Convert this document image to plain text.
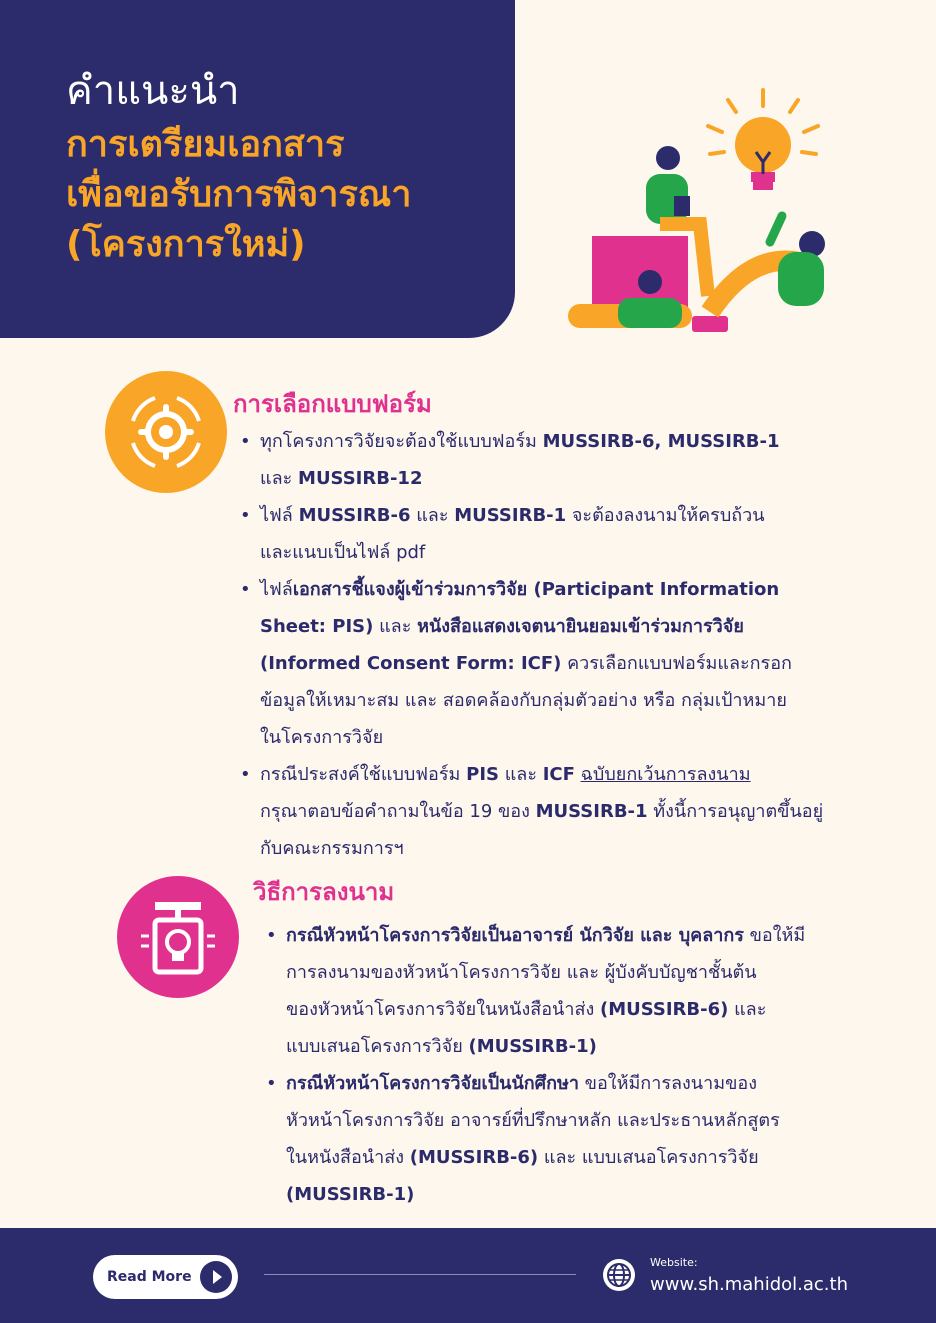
คำแนะนำ
การเตรียมเอกสาร
เพื่อขอรับการพิจารณา
(โครงการใหม่)
การเลือกแบบฟอร์ม
• ทุกโครงการวิจัยจะต้องใช้แบบฟอร์ม MUSSIRB-6, MUSSIRB-1
และ MUSSIRB-12
• ไฟล์ MUSSIRB-6 และ MUSSIRB-1 จะต้องลงนามให้ครบถ้วน
และแนบเป็นไฟล์ pdf
• ไฟล์เอกสารชี้แจงผู้เข้าร่วมการวิจัย (Participant Information
Sheet: PIS) และ หนังสือแสดงเจตนายินยอมเข้าร่วมการวิจัย
(Informed Consent Form: ICF) ควรเลือกแบบฟอร์มและกรอก
ข้อมูลให้เหมาะสม และ สอดคล้องกับกลุ่มตัวอย่าง หรือ กลุ่มเป้าหมาย
ในโครงการวิจัย
• กรณีประสงค์ใช้แบบฟอร์ม PIS และ ICF ฉบับยกเว้นการลงนาม
กรุณาตอบข้อคำถามในข้อ 19 ของ MUSSIRB-1 ทั้งนี้การอนุญาตขึ้นอยู่
กับคณะกรรมการฯ
วิธีการลงนาม
• กรณีหัวหน้าโครงการวิจัยเป็นอาจารย์ นักวิจัย และ บุคลากร ขอให้มี
การลงนามของหัวหน้าโครงการวิจัย และ ผู้บังคับบัญชาชั้นต้น
ของหัวหน้าโครงการวิจัยในหนังสือนำส่ง (MUSSIRB-6) และ
แบบเสนอโครงการวิจัย (MUSSIRB-1)
• กรณีหัวหน้าโครงการวิจัยเป็นนักศึกษา ขอให้มีการลงนามของ
หัวหน้าโครงการวิจัย อาจารย์ที่ปรึกษาหลัก และประธานหลักสูตร
ในหนังสือนำส่ง (MUSSIRB-6) และ แบบเสนอโครงการวิจัย
(MUSSIRB-1)
Read More
Website:
www.sh.mahidol.ac.th
